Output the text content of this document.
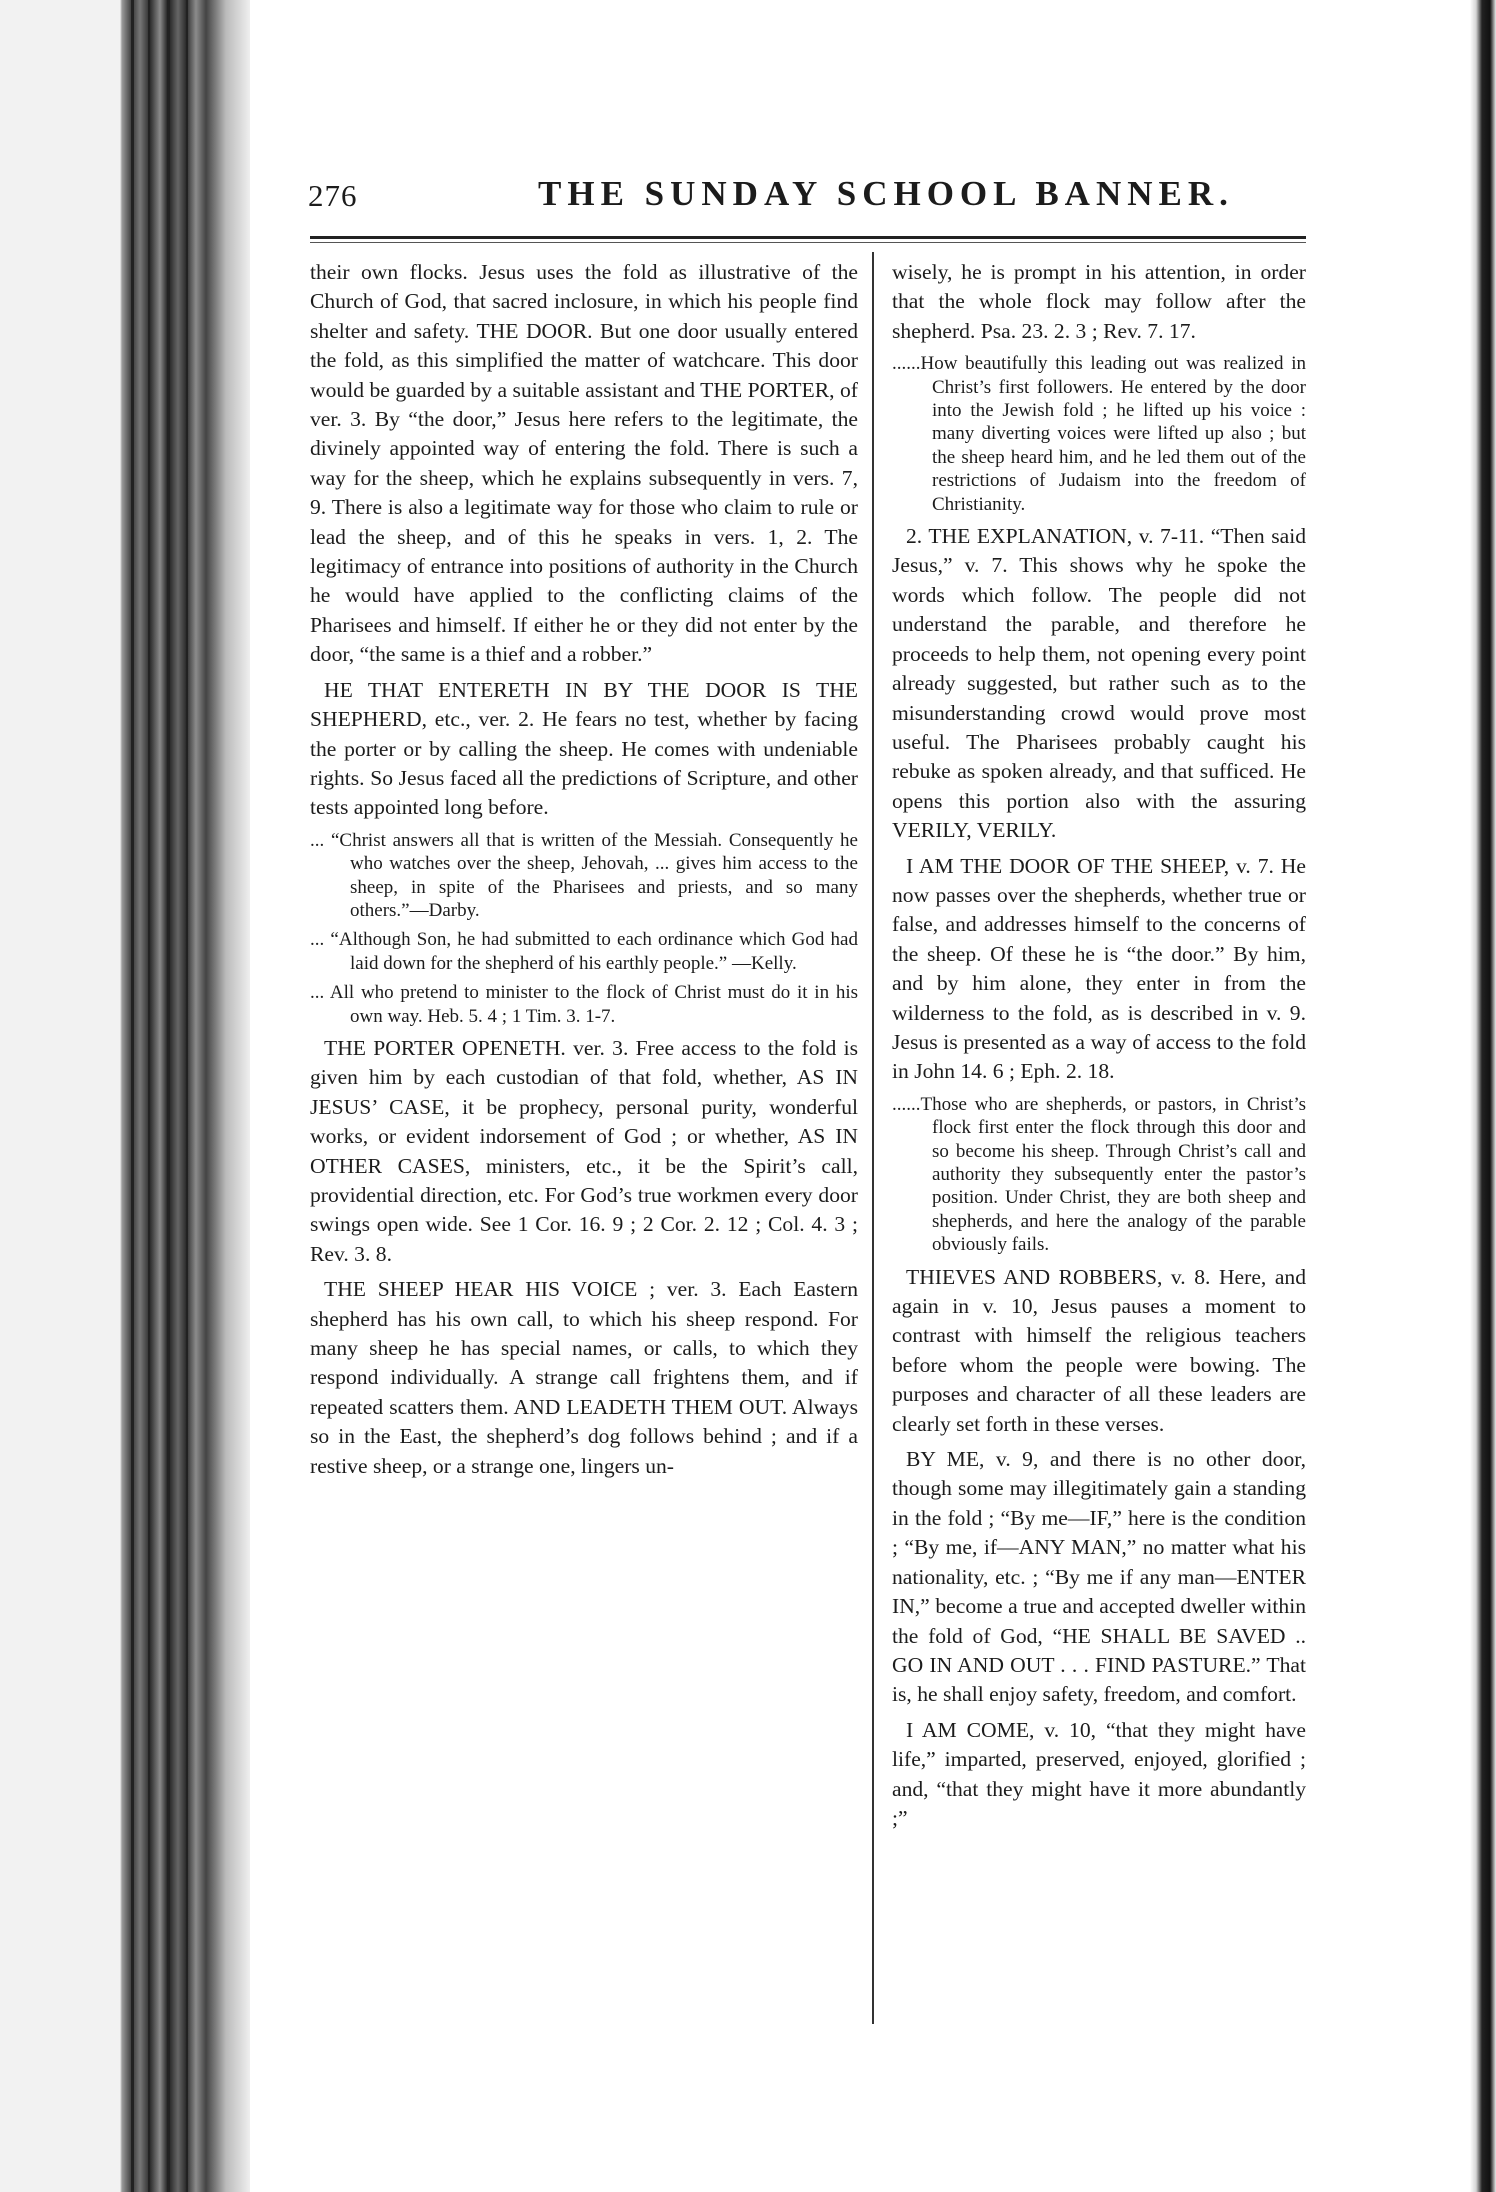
276	THE SUNDAY SCHOOL BANNER.

their own flocks. Jesus uses the fold as illustrative of the Church of God, that sacred inclosure, in which his people find shelter and safety. THE DOOR. But one door usually entered the fold, as this simplified the matter of watchcare. This door would be guarded by a suitable assistant and THE PORTER, of ver. 3. By “the door,” Jesus here refers to the legitimate, the divinely appointed way of entering the fold. There is such a way for the sheep, which he explains subsequently in vers. 7, 9. There is also a legitimate way for those who claim to rule or lead the sheep, and of this he speaks in vers. 1, 2. The legitimacy of entrance into positions of authority in the Church he would have applied to the conflicting claims of the Pharisees and himself. If either he or they did not enter by the door, “the same is a thief and a robber.”

HE THAT ENTERETH IN BY THE DOOR IS THE SHEPHERD, etc., ver. 2. He fears no test, whether by facing the porter or by calling the sheep. He comes with undeniable rights. So Jesus faced all the predictions of Scripture, and other tests appointed long before.

... “Christ answers all that is written of the Messiah. Consequently he who watches over the sheep, Jehovah, ... gives him access to the sheep, in spite of the Pharisees and priests, and so many others.”—Darby.

... “Although Son, he had submitted to each ordinance which God had laid down for the shepherd of his earthly people.” —Kelly.

... All who pretend to minister to the flock of Christ must do it in his own way. Heb. 5. 4 ; 1 Tim. 3. 1-7.

THE PORTER OPENETH. ver. 3. Free access to the fold is given him by each custodian of that fold, whether, AS IN JESUS’ CASE, it be prophecy, personal purity, wonderful works, or evident indorsement of God ; or whether, AS IN OTHER CASES, ministers, etc., it be the Spirit’s call, providential direction, etc. For God’s true workmen every door swings open wide. See 1 Cor. 16. 9 ; 2 Cor. 2. 12 ; Col. 4. 3 ; Rev. 3. 8.

THE SHEEP HEAR HIS VOICE ; ver. 3. Each Eastern shepherd has his own call, to which his sheep respond. For many sheep he has special names, or calls, to which they respond individually. A strange call frightens them, and if repeated scatters them. AND LEADETH THEM OUT. Always so in the East, the shepherd’s dog follows behind ; and if a restive sheep, or a strange one, lingers un-

wisely, he is prompt in his attention, in order that the whole flock may follow after the shepherd. Psa. 23. 2. 3 ; Rev. 7. 17.

......How beautifully this leading out was realized in Christ’s first followers. He entered by the door into the Jewish fold ; he lifted up his voice : many diverting voices were lifted up also ; but the sheep heard him, and he led them out of the restrictions of Judaism into the freedom of Christianity.

2. THE EXPLANATION, v. 7-11. “Then said Jesus,” v. 7. This shows why he spoke the words which follow. The people did not understand the parable, and therefore he proceeds to help them, not opening every point already suggested, but rather such as to the misunderstanding crowd would prove most useful. The Pharisees probably caught his rebuke as spoken already, and that sufficed. He opens this portion also with the assuring VERILY, VERILY.

I AM THE DOOR OF THE SHEEP, v. 7. He now passes over the shepherds, whether true or false, and addresses himself to the concerns of the sheep. Of these he is “the door.” By him, and by him alone, they enter in from the wilderness to the fold, as is described in v. 9. Jesus is presented as a way of access to the fold in John 14. 6 ; Eph. 2. 18.

......Those who are shepherds, or pastors, in Christ’s flock first enter the flock through this door and so become his sheep. Through Christ’s call and authority they subsequently enter the pastor’s position. Under Christ, they are both sheep and shepherds, and here the analogy of the parable obviously fails.

THIEVES AND ROBBERS, v. 8. Here, and again in v. 10, Jesus pauses a moment to contrast with himself the religious teachers before whom the people were bowing. The purposes and character of all these leaders are clearly set forth in these verses.

BY ME, v. 9, and there is no other door, though some may illegitimately gain a standing in the fold ; “By me—IF,” here is the condition ; “By me, if—ANY MAN,” no matter what his nationality, etc. ; “By me if any man—ENTER IN,” become a true and accepted dweller within the fold of God, “HE SHALL BE SAVED .. GO IN AND OUT . . . FIND PASTURE.” That is, he shall enjoy safety, freedom, and comfort.

I AM COME, v. 10, “that they might have life,” imparted, preserved, enjoyed, glorified ; and, “that they might have it more abundantly ;”
